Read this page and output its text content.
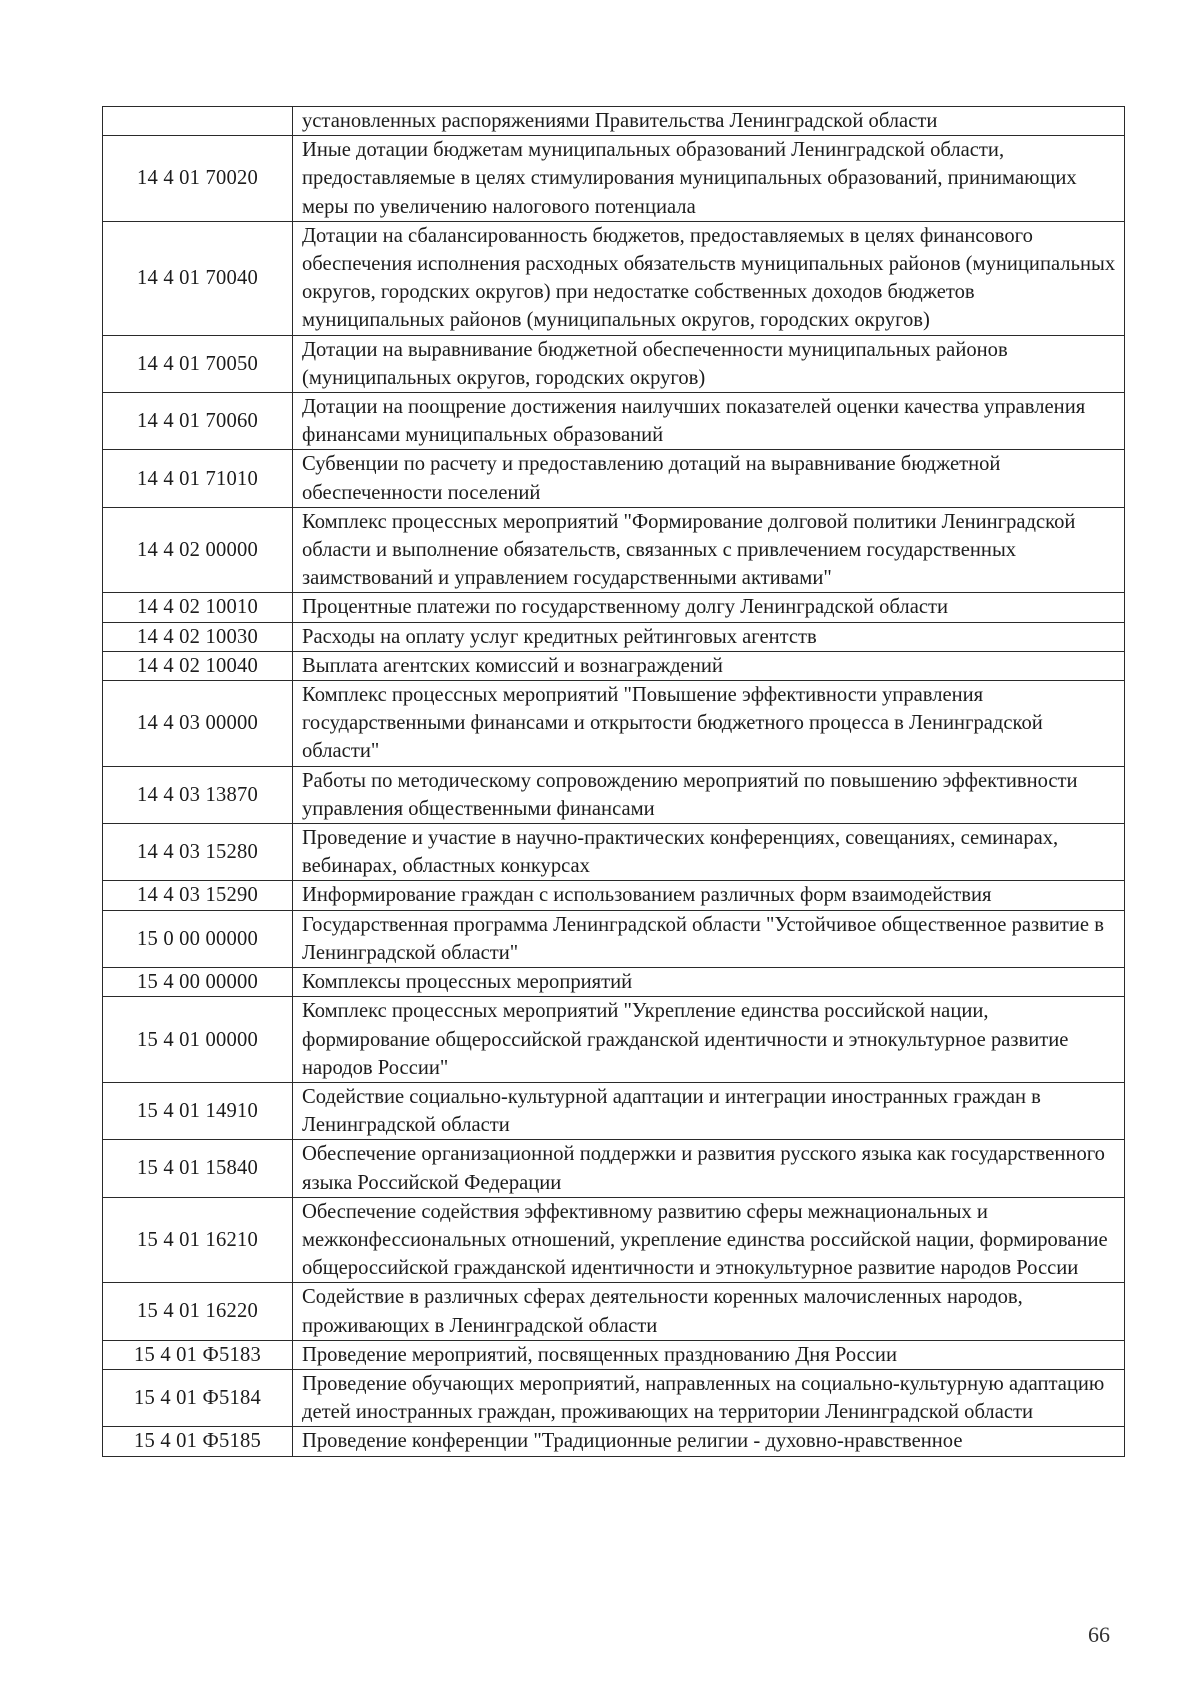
	установленных распоряжениями Правительства Ленинградской области
14 4 01 70020	Иные дотации бюджетам муниципальных образований Ленинградской области, предоставляемые в целях стимулирования муниципальных образований, принимающих меры по увеличению налогового потенциала
14 4 01 70040	Дотации на сбалансированность бюджетов, предоставляемых в целях финансового обеспечения исполнения расходных обязательств муниципальных районов (муниципальных округов, городских округов) при недостатке собственных доходов бюджетов муниципальных районов (муниципальных округов, городских округов)
14 4 01 70050	Дотации на выравнивание бюджетной обеспеченности муниципальных районов (муниципальных округов, городских округов)
14 4 01 70060	Дотации на поощрение достижения наилучших показателей оценки качества управления финансами муниципальных образований
14 4 01 71010	Субвенции по расчету и предоставлению дотаций на выравнивание бюджетной обеспеченности поселений
14 4 02 00000	Комплекс процессных мероприятий "Формирование долговой политики Ленинградской области и выполнение обязательств, связанных с привлечением государственных заимствований и управлением государственными активами"
14 4 02 10010	Процентные платежи по государственному долгу Ленинградской области
14 4 02 10030	Расходы на оплату услуг кредитных рейтинговых агентств
14 4 02 10040	Выплата агентских комиссий и вознаграждений
14 4 03 00000	Комплекс процессных мероприятий "Повышение эффективности управления государственными финансами и открытости бюджетного процесса в Ленинградской области"
14 4 03 13870	Работы по методическому сопровождению мероприятий по повышению эффективности управления общественными финансами
14 4 03 15280	Проведение и участие в научно-практических конференциях, совещаниях, семинарах, вебинарах, областных конкурсах
14 4 03 15290	Информирование граждан с использованием различных форм взаимодействия
15 0 00 00000	Государственная программа Ленинградской области "Устойчивое общественное развитие в Ленинградской области"
15 4 00 00000	Комплексы процессных мероприятий
15 4 01 00000	Комплекс процессных мероприятий "Укрепление единства российской нации, формирование общероссийской гражданской идентичности и этнокультурное развитие народов России"
15 4 01 14910	Содействие социально-культурной адаптации и интеграции иностранных граждан в Ленинградской области
15 4 01 15840	Обеспечение организационной поддержки и развития русского языка как государственного языка Российской Федерации
15 4 01 16210	Обеспечение содействия эффективному развитию сферы межнациональных и межконфессиональных отношений, укрепление единства российской нации, формирование общероссийской гражданской идентичности и этнокультурное развитие народов России
15 4 01 16220	Содействие в различных сферах деятельности коренных малочисленных народов, проживающих в Ленинградской области
15 4 01 Ф5183	Проведение мероприятий, посвященных празднованию Дня России
15 4 01 Ф5184	Проведение обучающих мероприятий, направленных на социально-культурную адаптацию детей иностранных граждан, проживающих на территории Ленинградской области
15 4 01 Ф5185	Проведение конференции "Традиционные религии - духовно-нравственное
66
